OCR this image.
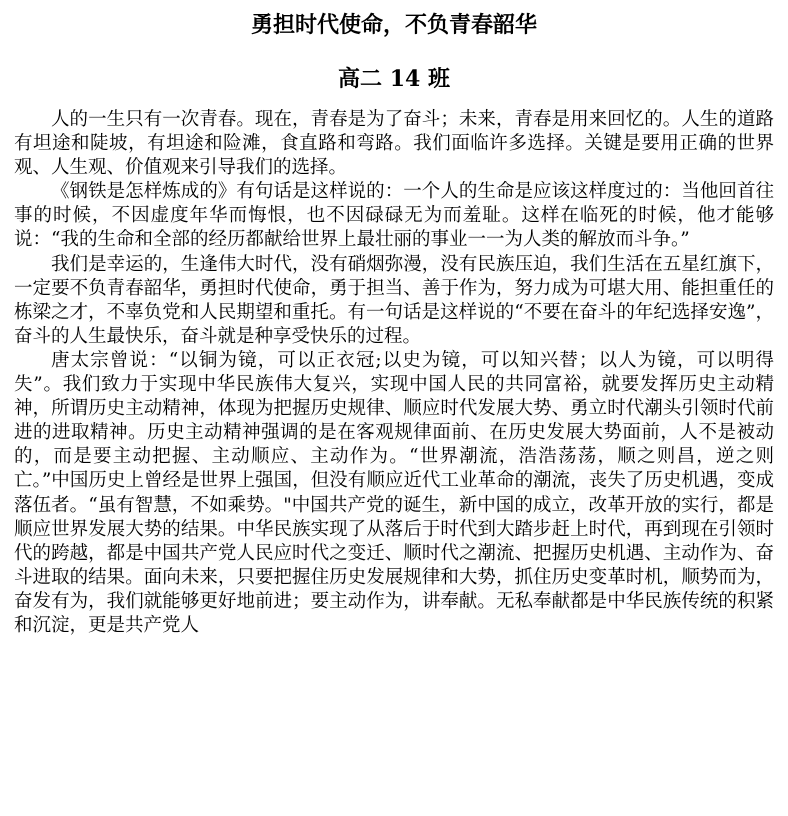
勇担时代使命，不负青春韶华
高二 14 班

人的一生只有一次青春。现在，青春是为了奋斗；未来，青春是用来回忆的。人生的道路有坦途和陡坡，有坦途和险滩，食直路和弯路。我们面临许多选择。关键是要用正确的世界观、人生观、价值观来引导我们的选择。

《钢铁是怎样炼成的》有句话是这样说的：一个人的生命是应该这样度过的：当他回首往事的时候，不因虚度年华而悔恨，也不因碌碌无为而羞耻。这样在临死的时候，他才能够说：“我的生命和全部的经历都献给世界上最壮丽的事业一一为人类的解放而斗争。”

我们是幸运的，生逢伟大时代，没有硝烟弥漫，没有民族压迫，我们生活在五星红旗下，一定要不负青春韶华，勇担时代使命，勇于担当、善于作为，努力成为可堪大用、能担重任的栋梁之才，不辜负党和人民期望和重托。有一句话是这样说的“不要在奋斗的年纪选择安逸”，奋斗的人生最快乐，奋斗就是种享受快乐的过程。

唐太宗曾说：“以铜为镜，可以正衣冠;以史为镜，可以知兴替；以人为镜，可以明得失”。我们致力于实现中华民族伟大复兴，实现中国人民的共同富裕，就要发挥历史主动精神，所谓历史主动精神，体现为把握历史规律、顺应时代发展大势、勇立时代潮头引领时代前进的进取精神。历史主动精神强调的是在客观规律面前、在历史发展大势面前，人不是被动的，而是要主动把握、主动顺应、主动作为。“世界潮流，浩浩荡荡，顺之则昌，逆之则亡。”中国历史上曾经是世界上强国，但没有顺应近代工业革命的潮流，丧失了历史机遇，变成落伍者。“虽有智慧，不如乘势。"中国共产党的诞生，新中国的成立，改革开放的实行，都是顺应世界发展大势的结果。中华民族实现了从落后于时代到大踏步赶上时代，再到现在引领时代的跨越，都是中国共产党人民应时代之变迁、顺时代之潮流、把握历史机遇、主动作为、奋斗进取的结果。面向未来，只要把握住历史发展规律和大势，抓住历史变革时机，顺势而为，奋发有为，我们就能够更好地前进；要主动作为，讲奉献。无私奉献都是中华民族传统的积紧和沉淀，更是共产党人
